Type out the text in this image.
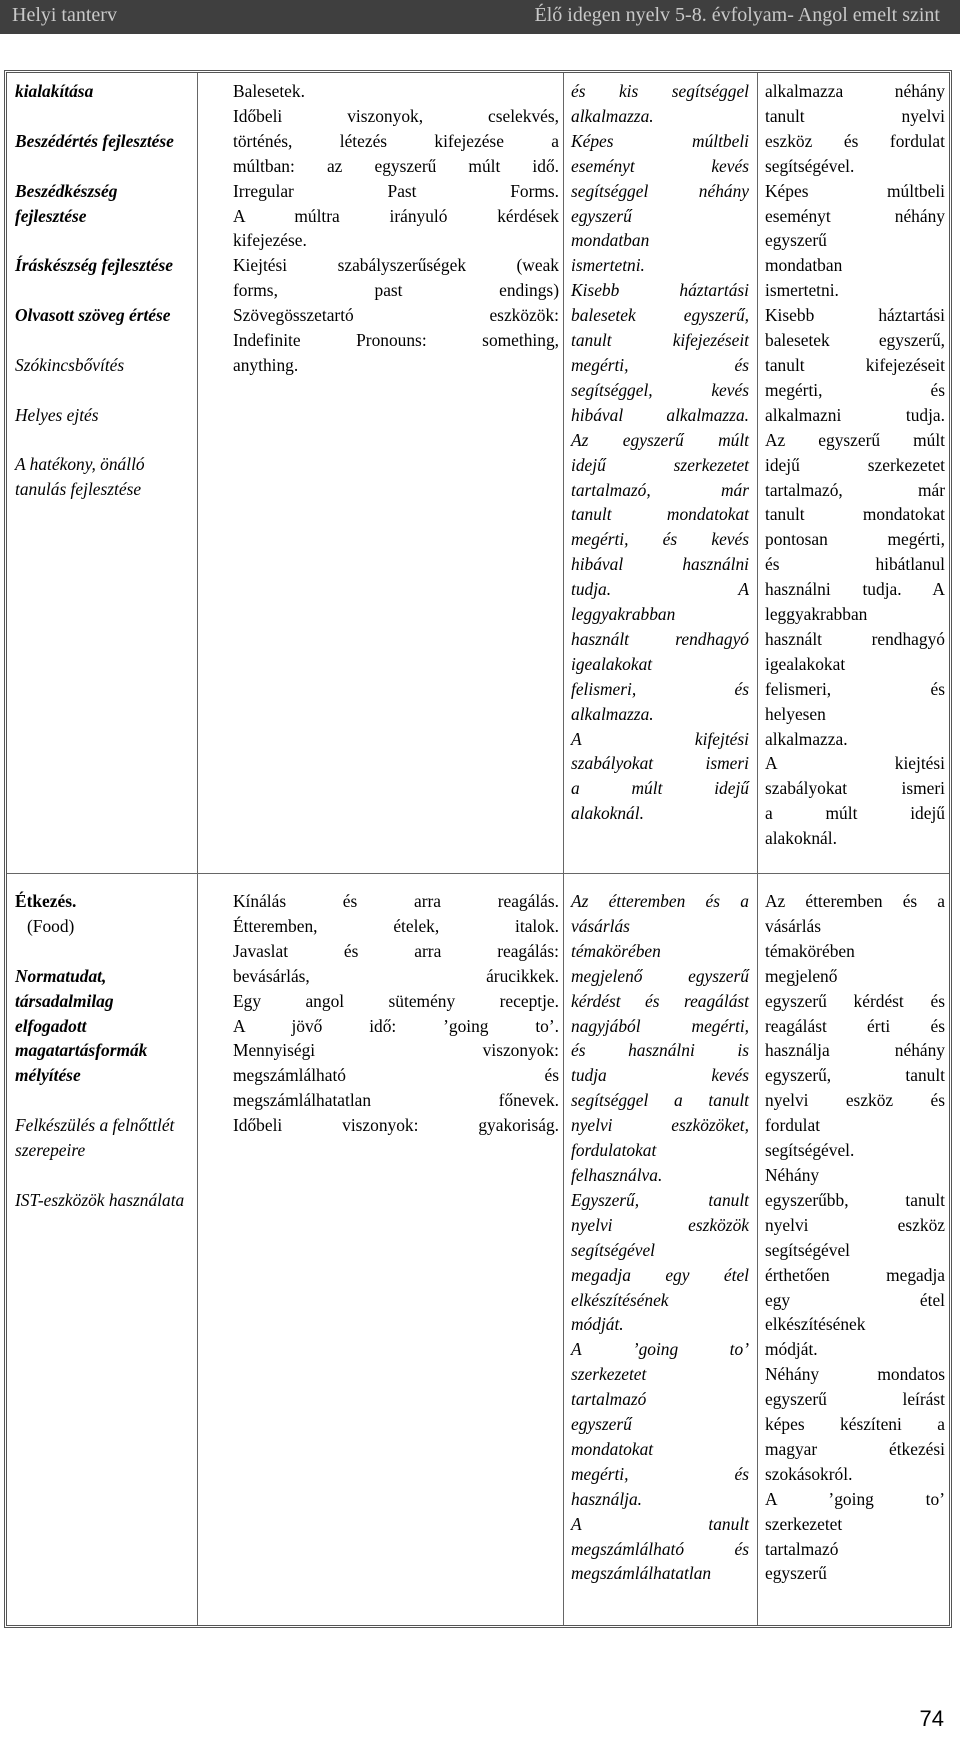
Helyi tanterv	Élő idegen nyelv 5-8. évfolyam- Angol emelt szint

kialakítása

Beszédértés fejlesztése

Beszédkészség fejlesztése

Íráskészség fejlesztése

Olvasott szöveg értése

Szókincsbővítés

Helyes ejtés

A hatékony, önálló tanulás fejlesztése

Balesetek.

Időbeli viszonyok, cselekvés,

történés, létezés kifejezése a

múltban: az egyszerű múlt idő.

Irregular Past Forms.

A múltra irányuló kérdések

kifejezése.

Kiejtési szabályszerűségek (weak

forms, past endings)

Szövegösszetartó eszközök:

Indefinite Pronouns: something,

anything.

és kis segítséggel

alkalmazza.

Képes múltbeli

eseményt kevés

segítséggel néhány

egyszerű

mondatban

ismertetni.

Kisebb háztartási

balesetek egyszerű,

tanult kifejezéseit

megérti, és

segítséggel, kevés

hibával alkalmazza.

Az egyszerű múlt

idejű szerkezetet

tartalmazó, már

tanult mondatokat

megérti, és kevés

hibával használni

tudja. A

leggyakrabban

használt rendhagyó

igealakokat

felismeri, és

alkalmazza.

A kifejtési

szabályokat ismeri

a múlt idejű

alakoknál.

alkalmazza néhány

tanult nyelvi

eszköz és fordulat

segítségével.

Képes múltbeli

eseményt néhány

egyszerű

mondatban

ismertetni.

Kisebb háztartási

balesetek egyszerű,

tanult kifejezéseit

megérti, és

alkalmazni tudja.

Az egyszerű múlt

idejű szerkezetet

tartalmazó, már

tanult mondatokat

pontosan megérti,

és hibátlanul

használni tudja. A

leggyakrabban

használt rendhagyó

igealakokat

felismeri, és

helyesen

alkalmazza.

A kiejtési

szabályokat ismeri

a múlt idejű

alakoknál.

Étkezés.
(Food)

Normatudat, társadalmilag elfogadott magatartásformák mélyítése

Felkészülés a felnőttlét szerepeire

IST-eszközök használata

Kínálás és arra reagálás.

Étteremben, ételek, italok.

Javaslat és arra reagálás:

bevásárlás, árucikkek.

Egy angol sütemény receptje.

A jövő idő: ’going to’.

Mennyiségi viszonyok:

megszámlálható és

megszámlálhatatlan főnevek.

Időbeli viszonyok: gyakoriság.

Az étteremben és a

vásárlás

témakörében

megjelenő egyszerű

kérdést és reagálást

nagyjából megérti,

és használni is

tudja kevés

segítséggel a tanult

nyelvi eszközöket,

fordulatokat

felhasználva.

Egyszerű, tanult

nyelvi eszközök

segítségével

megadja egy étel

elkészítésének

módját.

A ’going to’

szerkezetet

tartalmazó

egyszerű

mondatokat

megérti, és

használja.

A tanult

megszámlálható és

megszámlálhatatlan

Az étteremben és a

vásárlás

témakörében

megjelenő

egyszerű kérdést és

reagálást érti és

használja néhány

egyszerű, tanult

nyelvi eszköz és

fordulat

segítségével.

Néhány

egyszerűbb, tanult

nyelvi eszköz

segítségével

érthetően megadja

egy étel

elkészítésének

módját.

Néhány mondatos

egyszerű leírást

képes készíteni a

magyar étkezési

szokásokról.

A ’going to’

szerkezetet

tartalmazó

egyszerű

74
